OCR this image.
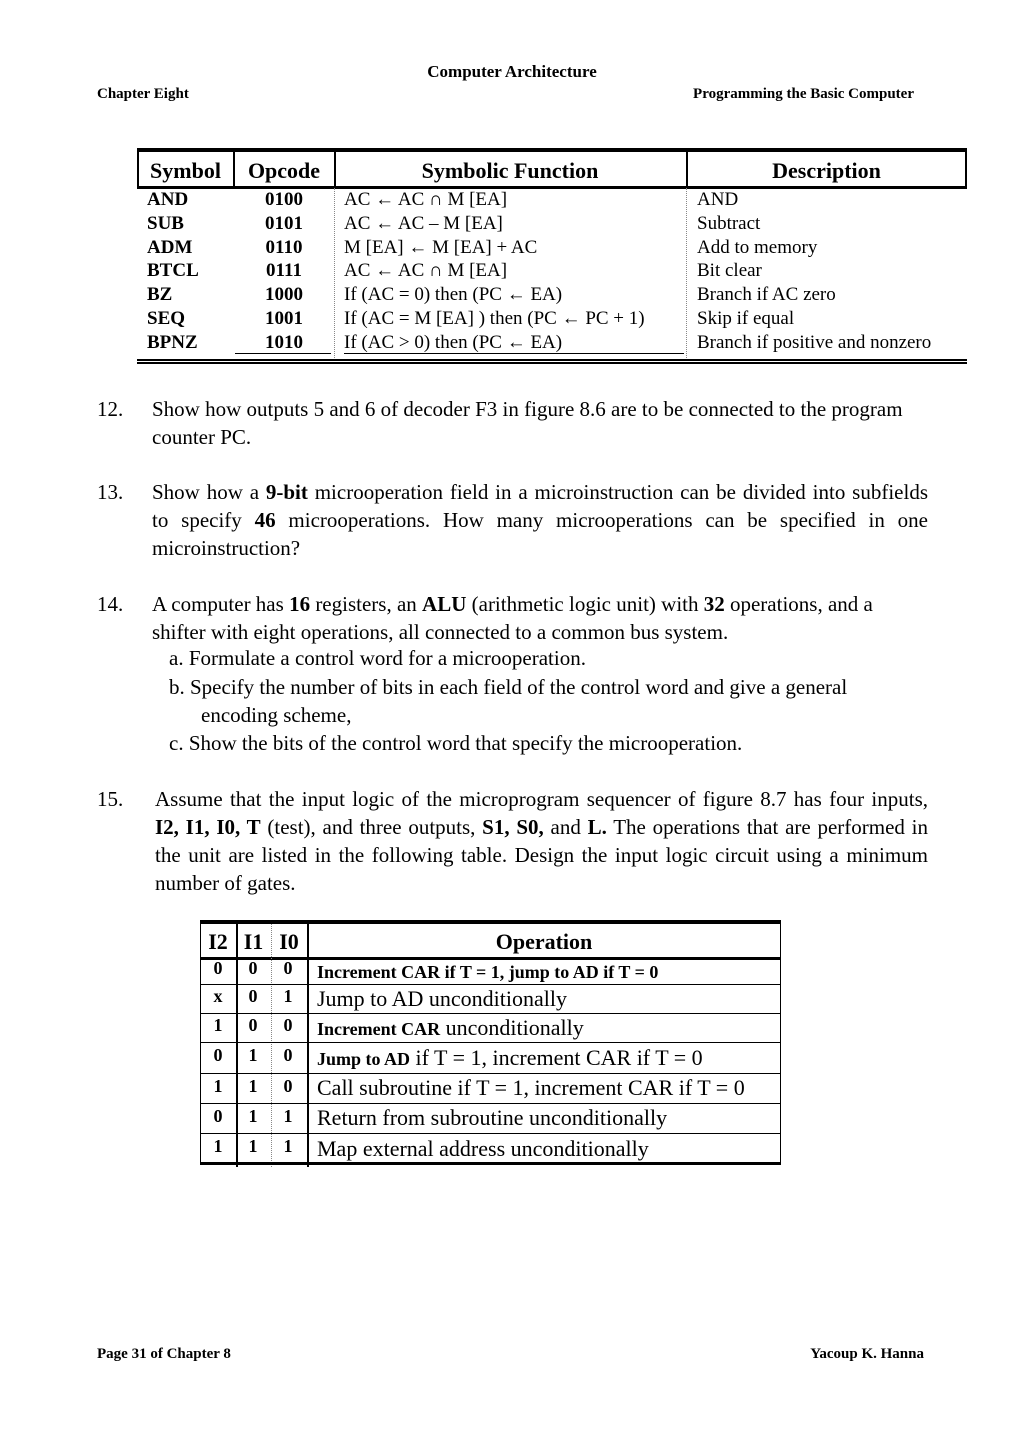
Computer Architecture
Chapter Eight	Programming the Basic Computer
Symbol	Opcode	Symbolic Function	Description
AND	0100	AC ← AC ∩ M [EA]	AND
SUB	0101	AC ← AC – M [EA]	Subtract
ADM	0110	M [EA] ← M [EA] + AC	Add to memory
BTCL	0111	AC ← AC ∩ M [EA]	Bit clear
BZ	1000	If (AC = 0) then (PC ← EA)	Branch if AC zero
SEQ	1001	If (AC = M [EA] ) then (PC ← PC + 1)	Skip if equal
BPNZ	1010	If (AC > 0) then (PC ← EA)	Branch if positive and nonzero
12. Show how outputs 5 and 6 of decoder F3 in figure 8.6 are to be connected to the program counter PC.
13. Show how a 9-bit microoperation field in a microinstruction can be divided into subfields to specify 46 microoperations. How many microoperations can be specified in one microinstruction?
14. A computer has 16 registers, an ALU (arithmetic logic unit) with 32 operations, and a shifter with eight operations, all connected to a common bus system.
a. Formulate a control word for a microoperation.
b. Specify the number of bits in each field of the control word and give a general encoding scheme,
c. Show the bits of the control word that specify the microoperation.
15. Assume that the input logic of the microprogram sequencer of figure 8.7 has four inputs, I2, I1, I0, T (test), and three outputs, S1, S0, and L. The operations that are performed in the unit are listed in the following table. Design the input logic circuit using a minimum number of gates.
I2 I1 I0	Operation
0	0	0	Increment CAR if T = 1, jump to AD if T = 0
x	0	1	Jump to AD unconditionally
1	0	0	Increment CAR unconditionally
0	1	0	Jump to AD if T = 1, increment CAR if T = 0
1	1	0	Call subroutine if T = 1, increment CAR if T = 0
0	1	1	Return from subroutine unconditionally
1	1	1	Map external address unconditionally
Page 31 of Chapter 8	Yacoup K. Hanna
